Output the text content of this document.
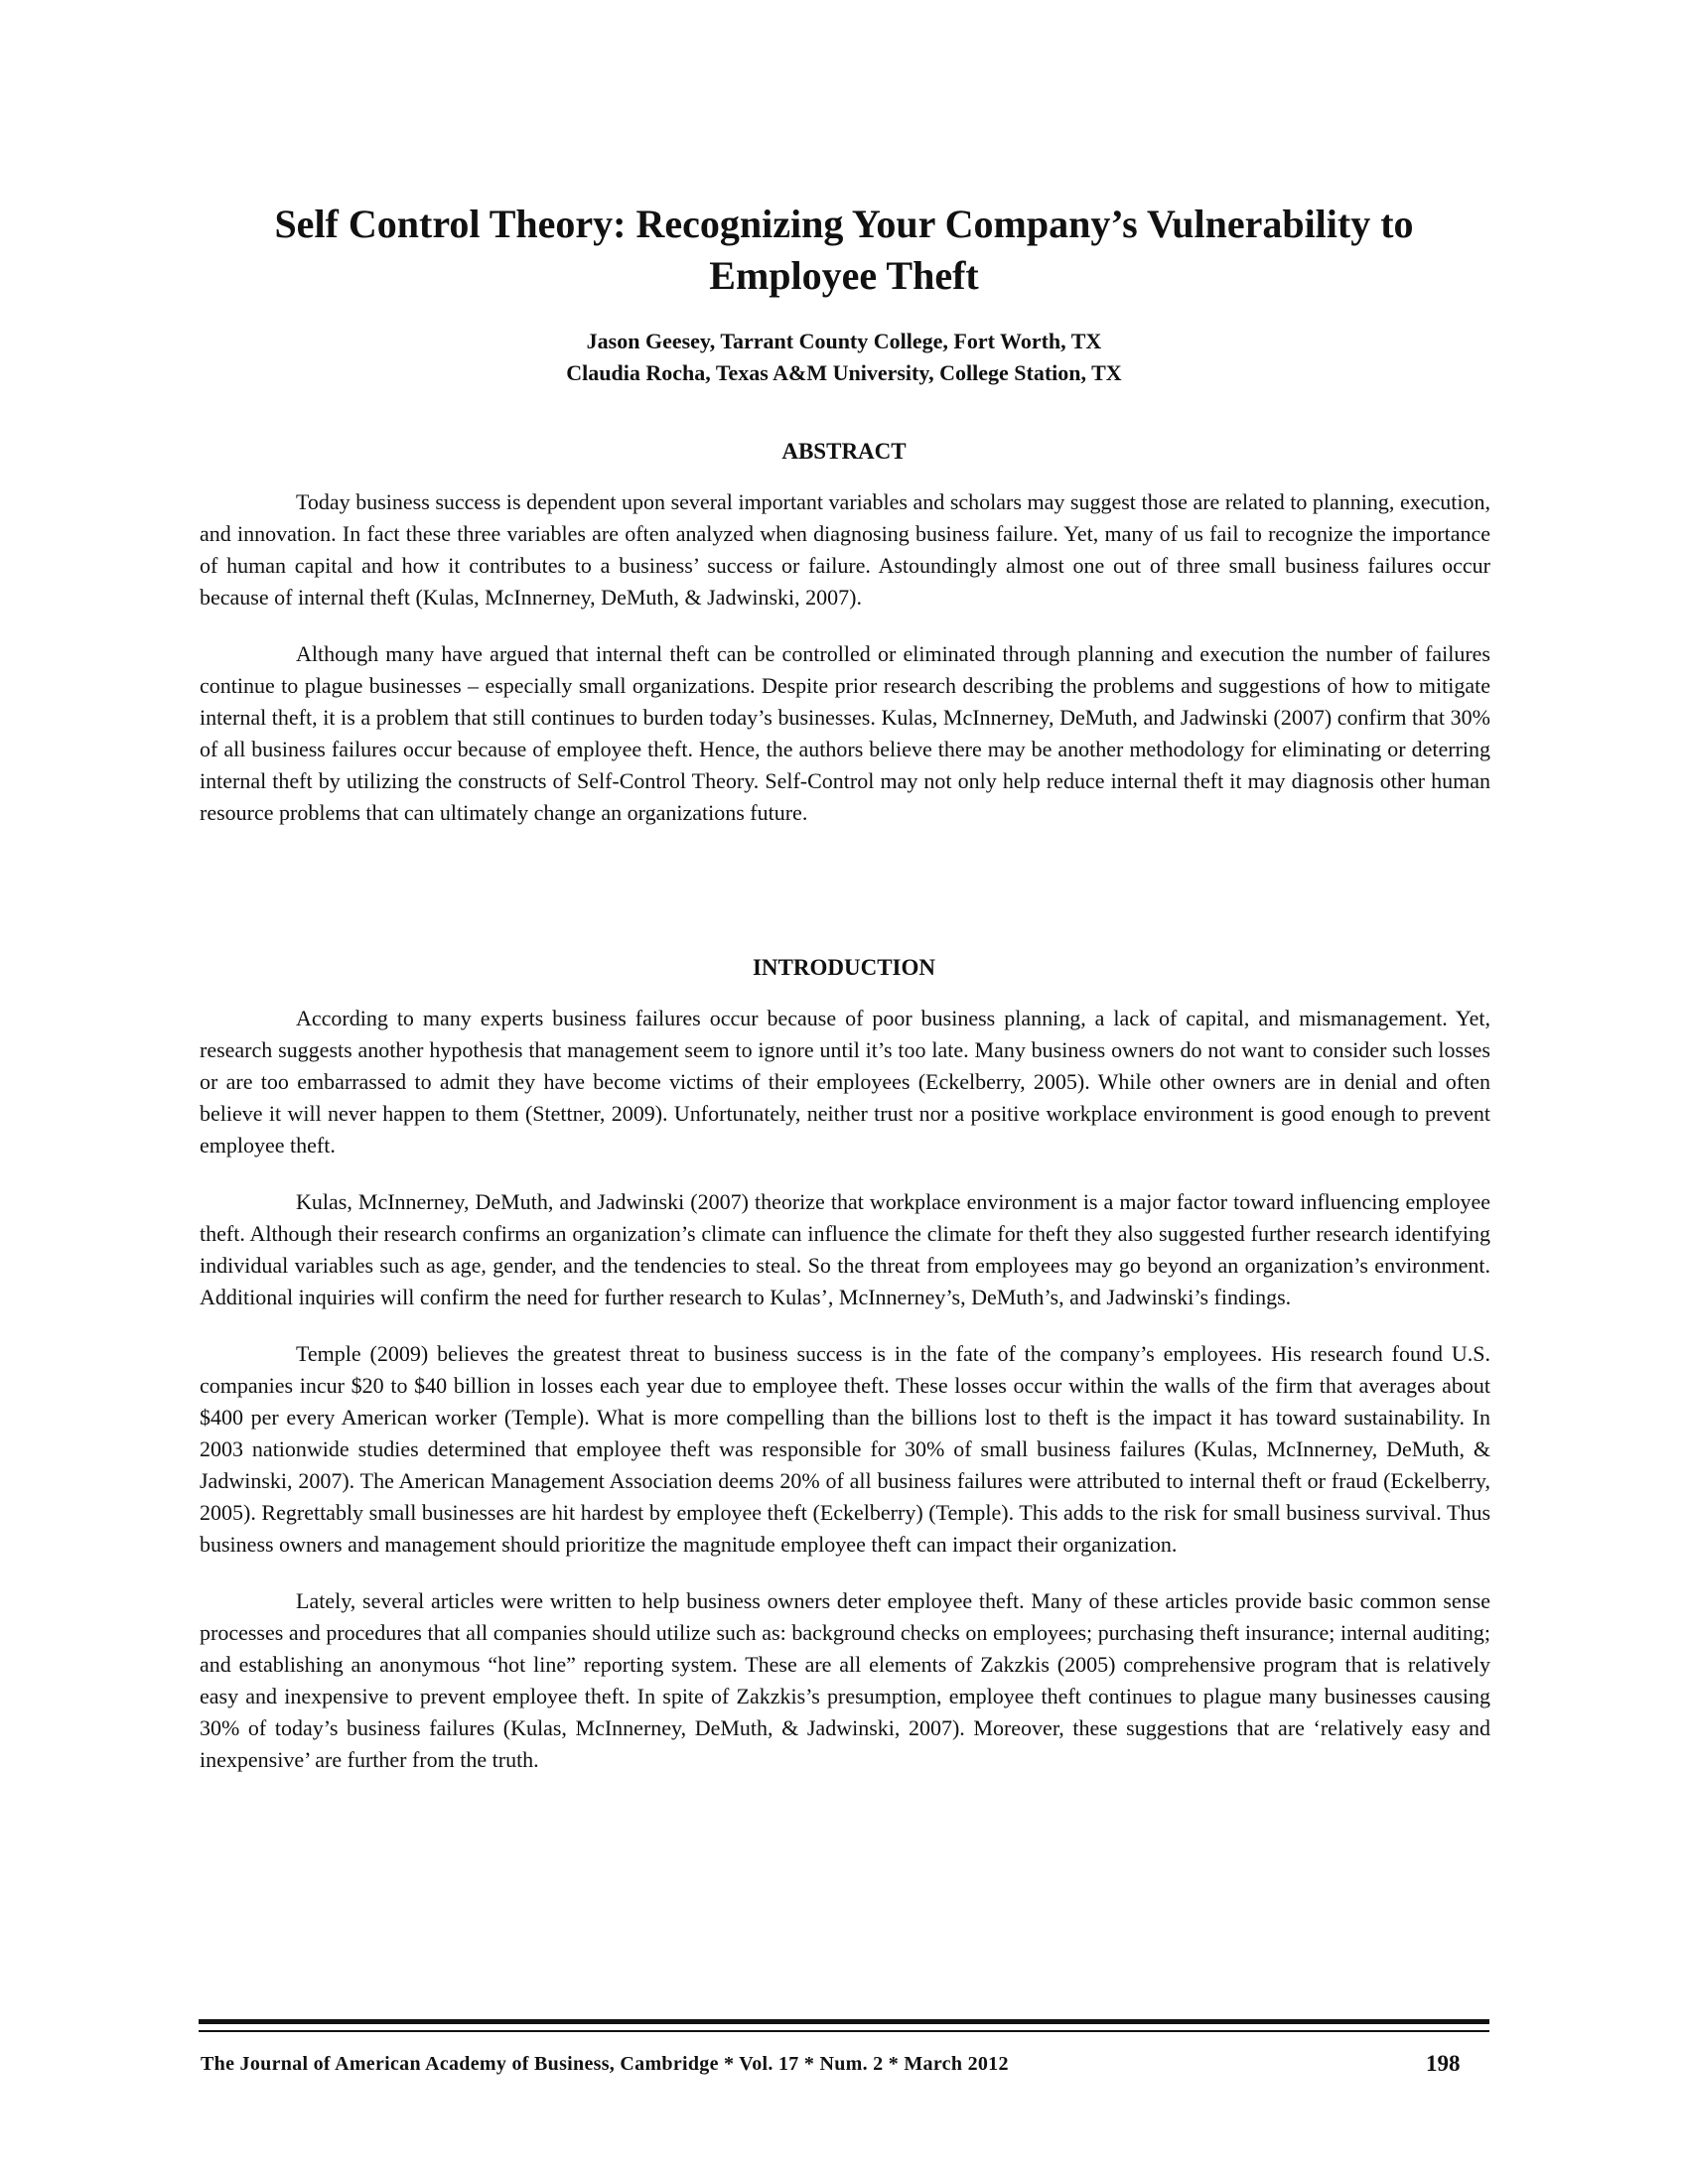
Self Control Theory: Recognizing Your Company’s Vulnerability to Employee Theft
Jason Geesey, Tarrant County College, Fort Worth, TX
Claudia Rocha, Texas A&M University, College Station, TX
ABSTRACT

Today business success is dependent upon several important variables and scholars may suggest those are related to planning, execution, and innovation. In fact these three variables are often analyzed when diagnosing business failure. Yet, many of us fail to recognize the importance of human capital and how it contributes to a business’ success or failure. Astoundingly almost one out of three small business failures occur because of internal theft (Kulas, McInnerney, DeMuth, & Jadwinski, 2007).

Although many have argued that internal theft can be controlled or eliminated through planning and execution the number of failures continue to plague businesses – especially small organizations. Despite prior research describing the problems and suggestions of how to mitigate internal theft, it is a problem that still continues to burden today’s businesses. Kulas, McInnerney, DeMuth, and Jadwinski (2007) confirm that 30% of all business failures occur because of employee theft. Hence, the authors believe there may be another methodology for eliminating or deterring internal theft by utilizing the constructs of Self-Control Theory. Self-Control may not only help reduce internal theft it may diagnosis other human resource problems that can ultimately change an organizations future.

INTRODUCTION

According to many experts business failures occur because of poor business planning, a lack of capital, and mismanagement. Yet, research suggests another hypothesis that management seem to ignore until it’s too late. Many business owners do not want to consider such losses or are too embarrassed to admit they have become victims of their employees (Eckelberry, 2005). While other owners are in denial and often believe it will never happen to them (Stettner, 2009). Unfortunately, neither trust nor a positive workplace environment is good enough to prevent employee theft.

Kulas, McInnerney, DeMuth, and Jadwinski (2007) theorize that workplace environment is a major factor toward influencing employee theft. Although their research confirms an organization’s climate can influence the climate for theft they also suggested further research identifying individual variables such as age, gender, and the tendencies to steal. So the threat from employees may go beyond an organization’s environment. Additional inquiries will confirm the need for further research to Kulas’, McInnerney’s, DeMuth’s, and Jadwinski’s findings.

Temple (2009) believes the greatest threat to business success is in the fate of the company’s employees. His research found U.S. companies incur $20 to $40 billion in losses each year due to employee theft. These losses occur within the walls of the firm that averages about $400 per every American worker (Temple). What is more compelling than the billions lost to theft is the impact it has toward sustainability. In 2003 nationwide studies determined that employee theft was responsible for 30% of small business failures (Kulas, McInnerney, DeMuth, & Jadwinski, 2007). The American Management Association deems 20% of all business failures were attributed to internal theft or fraud (Eckelberry, 2005). Regrettably small businesses are hit hardest by employee theft (Eckelberry) (Temple). This adds to the risk for small business survival. Thus business owners and management should prioritize the magnitude employee theft can impact their organization.

Lately, several articles were written to help business owners deter employee theft. Many of these articles provide basic common sense processes and procedures that all companies should utilize such as: background checks on employees; purchasing theft insurance; internal auditing; and establishing an anonymous “hot line” reporting system. These are all elements of Zakzkis (2005) comprehensive program that is relatively easy and inexpensive to prevent employee theft. In spite of Zakzkis’s presumption, employee theft continues to plague many businesses causing 30% of today’s business failures (Kulas, McInnerney, DeMuth, & Jadwinski, 2007). Moreover, these suggestions that are ‘relatively easy and inexpensive’ are further from the truth.

The Journal of American Academy of Business, Cambridge * Vol. 17 * Num. 2 * March 2012	198
